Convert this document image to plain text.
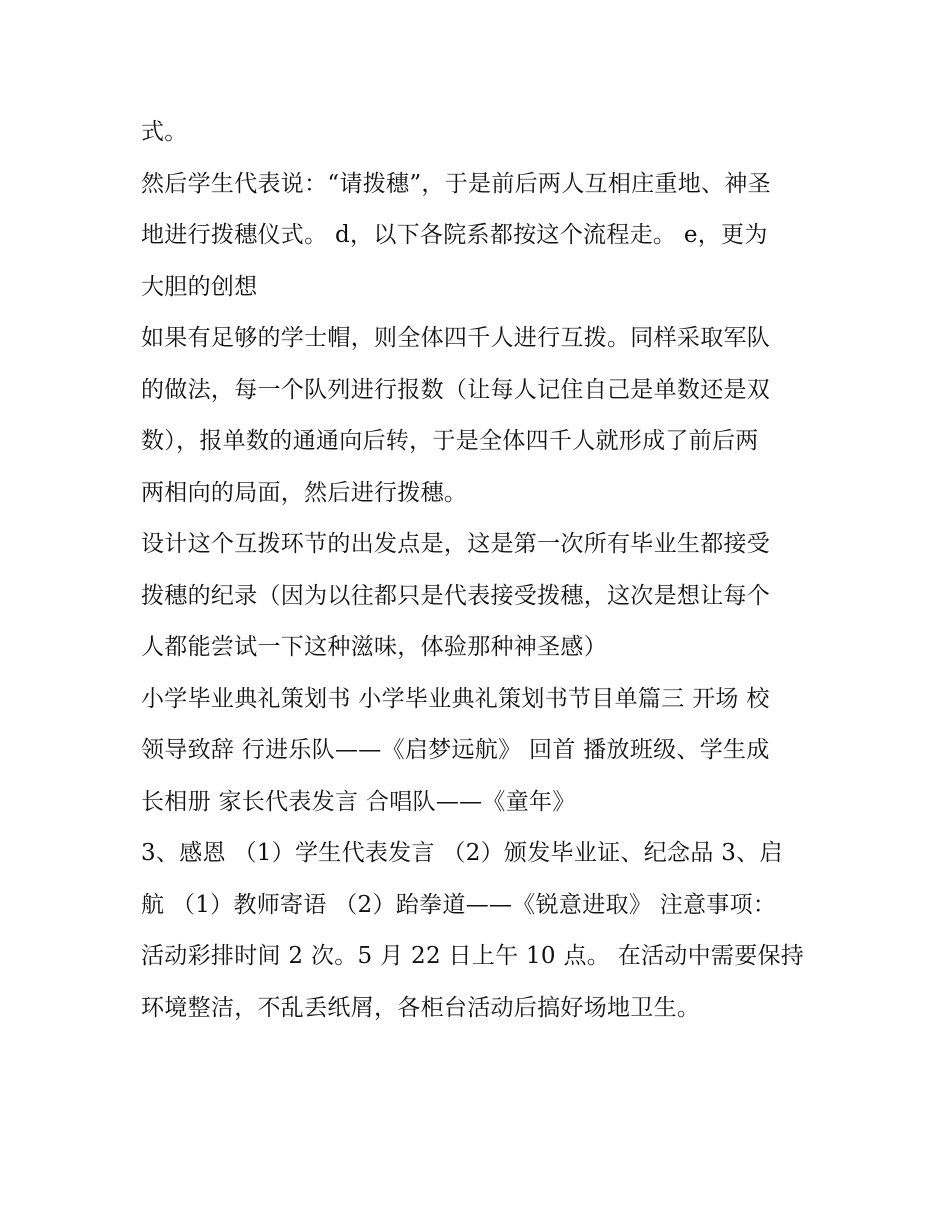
式。
然后学生代表说：“请拨穗”，于是前后两人互相庄重地、神圣
地进行拨穗仪式。 d，以下各院系都按这个流程走。 e，更为
大胆的创想
如果有足够的学士帽，则全体四千人进行互拨。同样采取军队
的做法，每一个队列进行报数（让每人记住自己是单数还是双
数），报单数的通通向后转，于是全体四千人就形成了前后两
两相向的局面，然后进行拨穗。
设计这个互拨环节的出发点是，这是第一次所有毕业生都接受
拨穗的纪录（因为以往都只是代表接受拨穗，这次是想让每个
人都能尝试一下这种滋味，体验那种神圣感）
小学毕业典礼策划书 小学毕业典礼策划书节目单篇三 开场 校
领导致辞 行进乐队——《启梦远航》 回首 播放班级、学生成
长相册 家长代表发言 合唱队——《童年》
3、感恩 （1）学生代表发言 （2）颁发毕业证、纪念品 3、启
航 （1）教师寄语 （2）跆拳道——《锐意进取》 注意事项：
活动彩排时间 2 次。5 月 22 日上午 10 点。 在活动中需要保持
环境整洁，不乱丢纸屑，各柜台活动后搞好场地卫生。
